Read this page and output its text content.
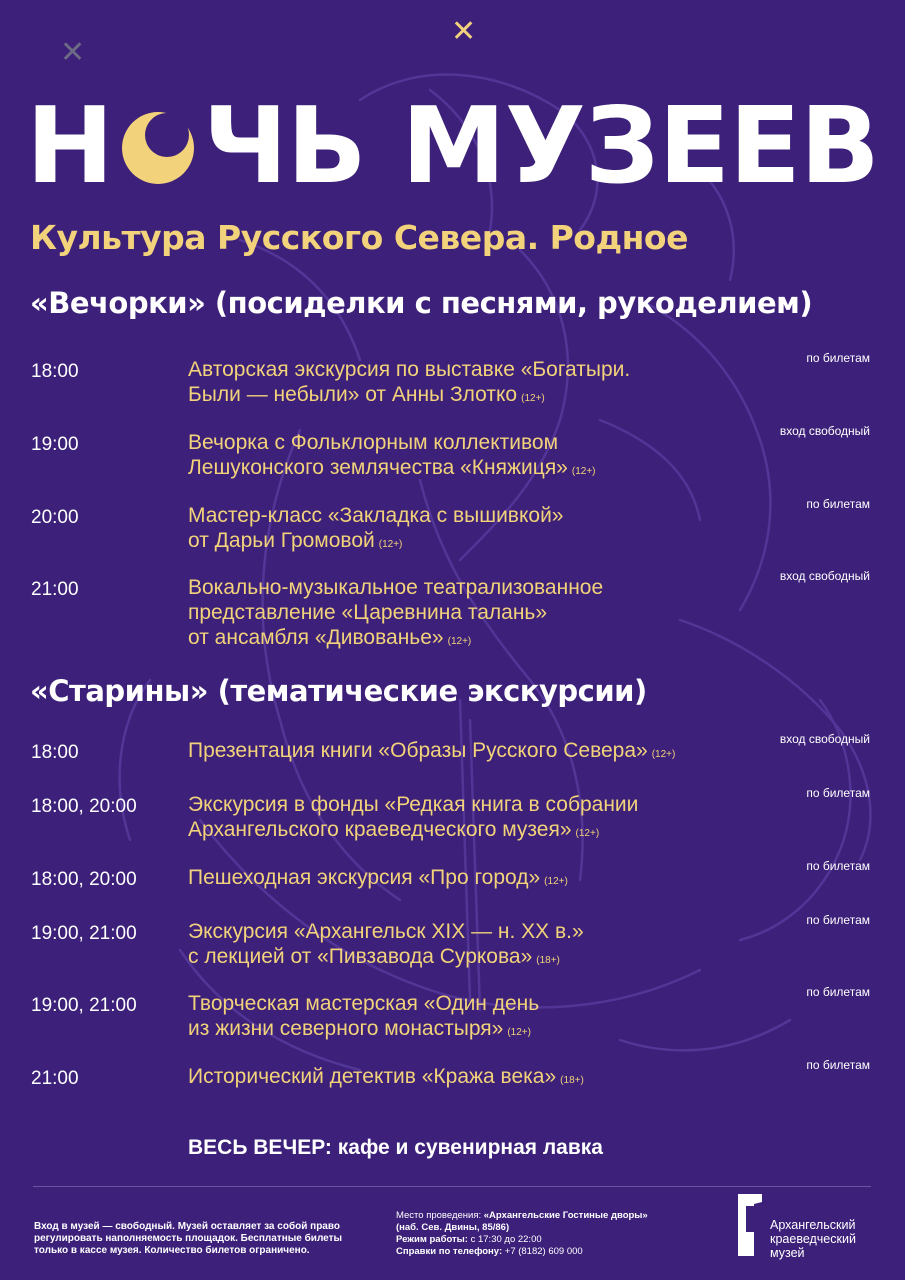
✕
✕
Н ЧЬ МУЗЕЕВ
Культура Русского Севера. Родное
«Вечорки» (посиделки с песнями, рукоделием)
18:00	Авторская экскурсия по выставке «Богатыри.
Были — небыли» от Анны Злотко (12+)
по билетам
19:00	Вечорка с Фольклорным коллективом
Лешуконского землячества «Княжиця» (12+)
вход свободный
20:00	Мастер-класс «Закладка с вышивкой»
от Дарьи Громовой (12+)
по билетам
21:00	Вокально-музыкальное театрализованное
представление «Царевнина талань»
от ансамбля «Дивованье» (12+)
вход свободный
«Старины» (тематические экскурсии)
18:00	Презентация книги «Образы Русского Севера» (12+)
вход свободный
18:00, 20:00 Экскурсия в фонды «Редкая книга в собрании
Архангельского краеведческого музея» (12+)
по билетам
18:00, 20:00 Пешеходная экскурсия «Про город» (12+)
по билетам
19:00, 21:00 Экскурсия «Архангельск XIX — н. XX в.»
с лекцией от «Пивзавода Суркова» (18+)
по билетам
19:00, 21:00 Творческая мастерская «Один день
из жизни северного монастыря» (12+)
по билетам
21:00	Исторический детектив «Кража века» (18+)
по билетам
ВЕСЬ ВЕЧЕР: кафе и сувенирная лавка
Вход в музей — свободный. Музей оставляет за собой право
регулировать наполняемость площадок. Бесплатные билеты
только в кассе музея. Количество билетов ограничено.
Место проведения: «Архангельские Гостиные дворы»
(наб. Сев. Двины, 85/86)
Режим работы: с 17:30 до 22:00
Справки по телефону: +7 (8182) 609 000
Архангельский
краеведческий
музей
